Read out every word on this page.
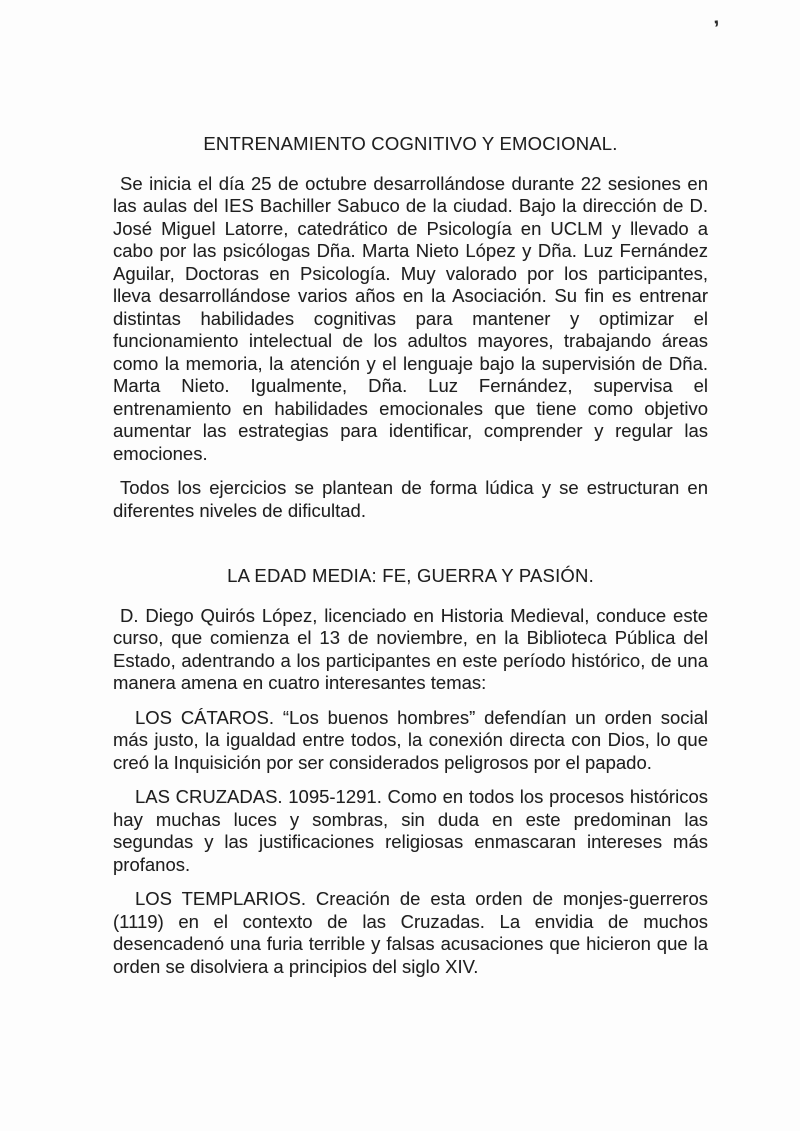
’
ENTRENAMIENTO COGNITIVO Y EMOCIONAL.

Se inicia el día 25 de octubre desarrollándose durante 22 sesiones en las aulas del IES Bachiller Sabuco de la ciudad. Bajo la dirección de D. José Miguel Latorre, catedrático de Psicología en UCLM y llevado a cabo por las psicólogas Dña. Marta Nieto López y Dña. Luz Fernández Aguilar, Doctoras en Psicología. Muy valorado por los participantes, lleva desarrollándose varios años en la Asociación. Su fin es entrenar distintas habilidades cognitivas para mantener y optimizar el funcionamiento intelectual de los adultos mayores, trabajando áreas como la memoria, la atención y el lenguaje bajo la supervisión de Dña. Marta Nieto. Igualmente, Dña. Luz Fernández, supervisa el entrenamiento en habilidades emocionales que tiene como objetivo aumentar las estrategias para identificar, comprender y regular las emociones.

Todos los ejercicios se plantean de forma lúdica y se estructuran en diferentes niveles de dificultad.

LA EDAD MEDIA: FE, GUERRA Y PASIÓN.

D. Diego Quirós López, licenciado en Historia Medieval, conduce este curso, que comienza el 13 de noviembre, en la Biblioteca Pública del Estado, adentrando a los participantes en este período histórico, de una manera amena en cuatro interesantes temas:

LOS CÁTAROS. “Los buenos hombres” defendían un orden social más justo, la igualdad entre todos, la conexión directa con Dios, lo que creó la Inquisición por ser considerados peligrosos por el papado.

LAS CRUZADAS. 1095-1291. Como en todos los procesos históricos hay muchas luces y sombras, sin duda en este predominan las segundas y las justificaciones religiosas enmascaran intereses más profanos.

LOS TEMPLARIOS. Creación de esta orden de monjes-guerreros (1119) en el contexto de las Cruzadas. La envidia de muchos desencadenó una furia terrible y falsas acusaciones que hicieron que la orden se disolviera a principios del siglo XIV.
